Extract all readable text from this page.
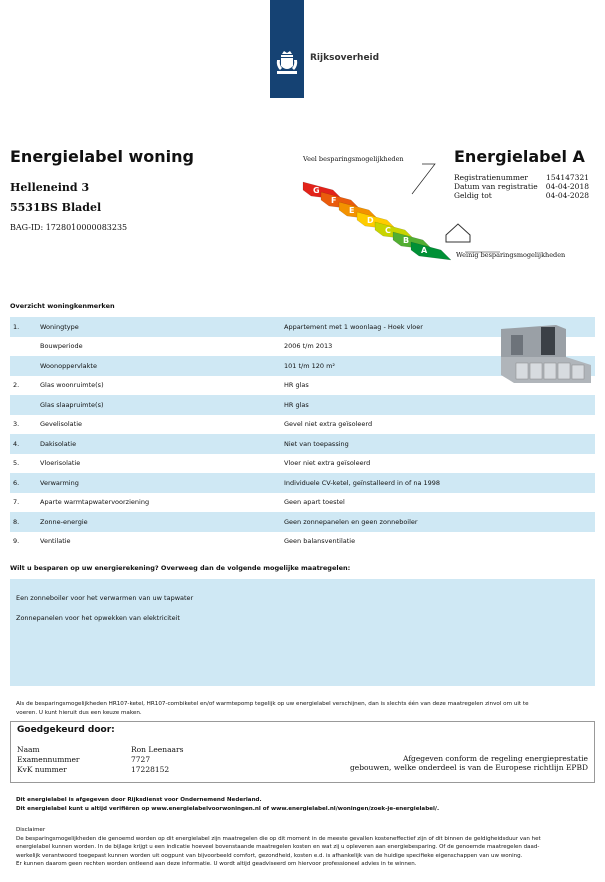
Rijksoverheid
Energielabel woning
Helleneind 3
5531BS Bladel
BAG-ID: 1728010000083235
Veel besparingsmogelijkheden
G
F
E
D
C
B
A	Weinig besparingsmogelijkheden
Energielabel A
Registratienummer 154147321
Datum van registratie 04-04-2018
Geldig tot	04-04-2028
Overzicht woningkenmerken
1.	Woningtype	Appartement met 1 woonlaag - Hoek vloer
Bouwperiode	2006 t/m 2013
Woonoppervlakte	101 t/m 120 m²
2.	Glas woonruimte(s)	HR glas
Glas slaapruimte(s)	HR glas
3.	Gevelisolatie	Gevel niet extra geïsoleerd
4.	Dakisolatie	Niet van toepassing
5.	Vloerisolatie	Vloer niet extra geïsoleerd
6.	Verwarming	Individuele CV-ketel, geïnstalleerd in of na 1998
7.	Aparte warmtapwatervoorziening	Geen apart toestel
8.	Zonne-energie	Geen zonnepanelen en geen zonneboiler
9.	Ventilatie	Geen balansventilatie
Wilt u besparen op uw energierekening? Overweeg dan de volgende mogelijke maatregelen:
Een zonneboiler voor het verwarmen van uw tapwater
Zonnepanelen voor het opwekken van elektriciteit
Als de besparingsmogelijkheden HR107-ketel, HR107-combiketel en/of warmtepomp tegelijk op uw energielabel verschijnen, dan is slechts één van deze maatregelen zinvol om uit te
voeren. U kunt hieruit dus een keuze maken.
Goedgekeurd door:
Naam	Ron Leenaars
Examennummer	7727
KvK nummer	17228152
Afgegeven conform de regeling energieprestatie
gebouwen, welke onderdeel is van de Europese richtlijn EPBD
Dit energielabel is afgegeven door Rijksdienst voor Ondernemend Nederland.
Dit energielabel kunt u altijd verifiëren op www.energielabelvoorwoningen.nl of www.energielabel.nl/woningen/zoek-je-energielabel/.
Disclaimer
De besparingsmogelijkheden die genoemd worden op dit energielabel zijn maatregelen die op dit moment in de meeste gevallen kosteneffectief zijn of dit binnen de geldigheidsduur van het
energielabel kunnen worden. In de bijlage krijgt u een indicatie hoeveel bovenstaande maatregelen kosten en wat zij u opleveren aan energiebesparing. Of de genoemde maatregelen daad-
werkelijk verantwoord toegepast kunnen worden uit oogpunt van bijvoorbeeld comfort, gezondheid, kosten e.d. is afhankelijk van de huidige specifieke eigenschappen van uw woning.
Er kunnen daarom geen rechten worden ontleend aan deze informatie. U wordt altijd geadviseerd om hiervoor professioneel advies in te winnen.
